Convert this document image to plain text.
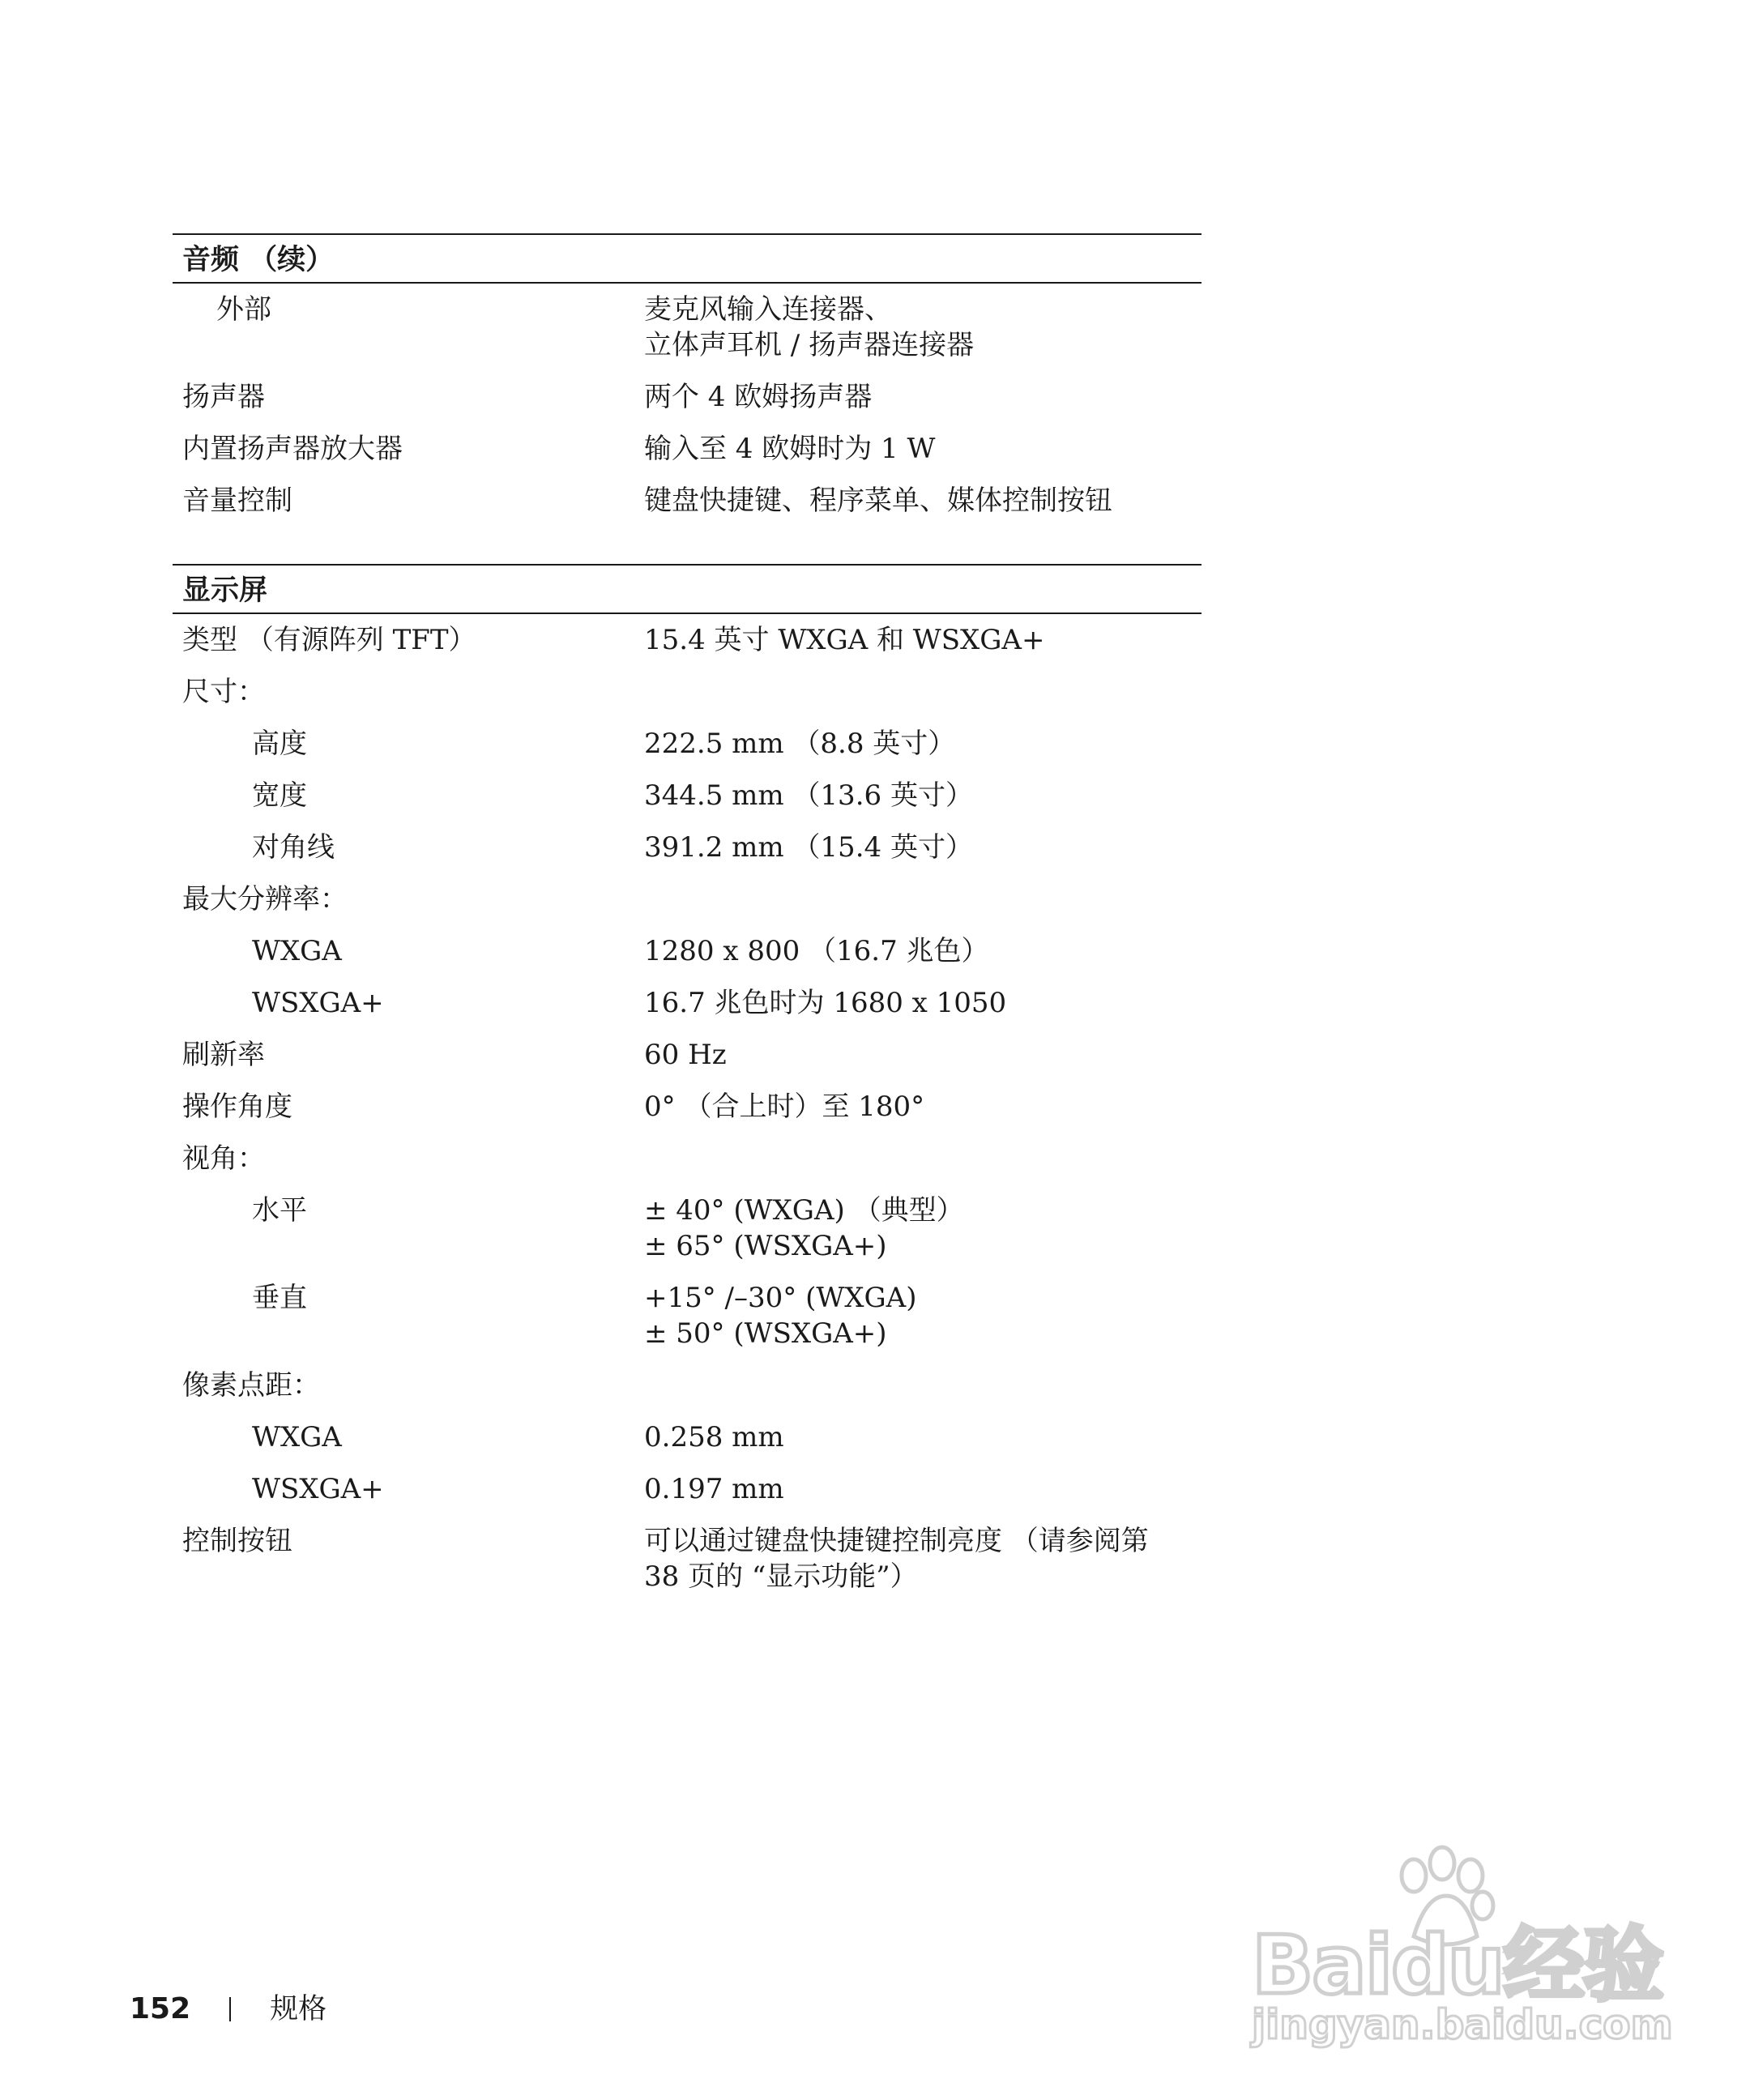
音频 （续）
外部	麦克风输入连接器、
立体声耳机 / 扬声器连接器
扬声器	两个 4 欧姆扬声器
内置扬声器放大器	输入至 4 欧姆时为 1 W
音量控制	键盘快捷键、程序菜单、媒体控制按钮
显示屏
类型 （有源阵列 TFT）	15.4 英寸 WXGA 和 WSXGA+
尺寸：
高度	222.5 mm （8.8 英寸）
宽度	344.5 mm （13.6 英寸）
对角线	391.2 mm （15.4 英寸）
最大分辨率：
WXGA	1280 x 800 （16.7 兆色）
WSXGA+	16.7 兆色时为 1680 x 1050
刷新率	60 Hz
操作角度	0° （合上时）至 180°
视角：
水平	± 40° (WXGA) （典型）
± 65° (WSXGA+)
垂直	+15° /–30° (WXGA)
± 50° (WSXGA+)
像素点距：
WXGA	0.258 mm
WSXGA+	0.197 mm
控制按钮	可以通过键盘快捷键控制亮度 （请参阅第
38 页的 “显示功能”）
152	规格	Baidu经验
jingyan.baidu.com
